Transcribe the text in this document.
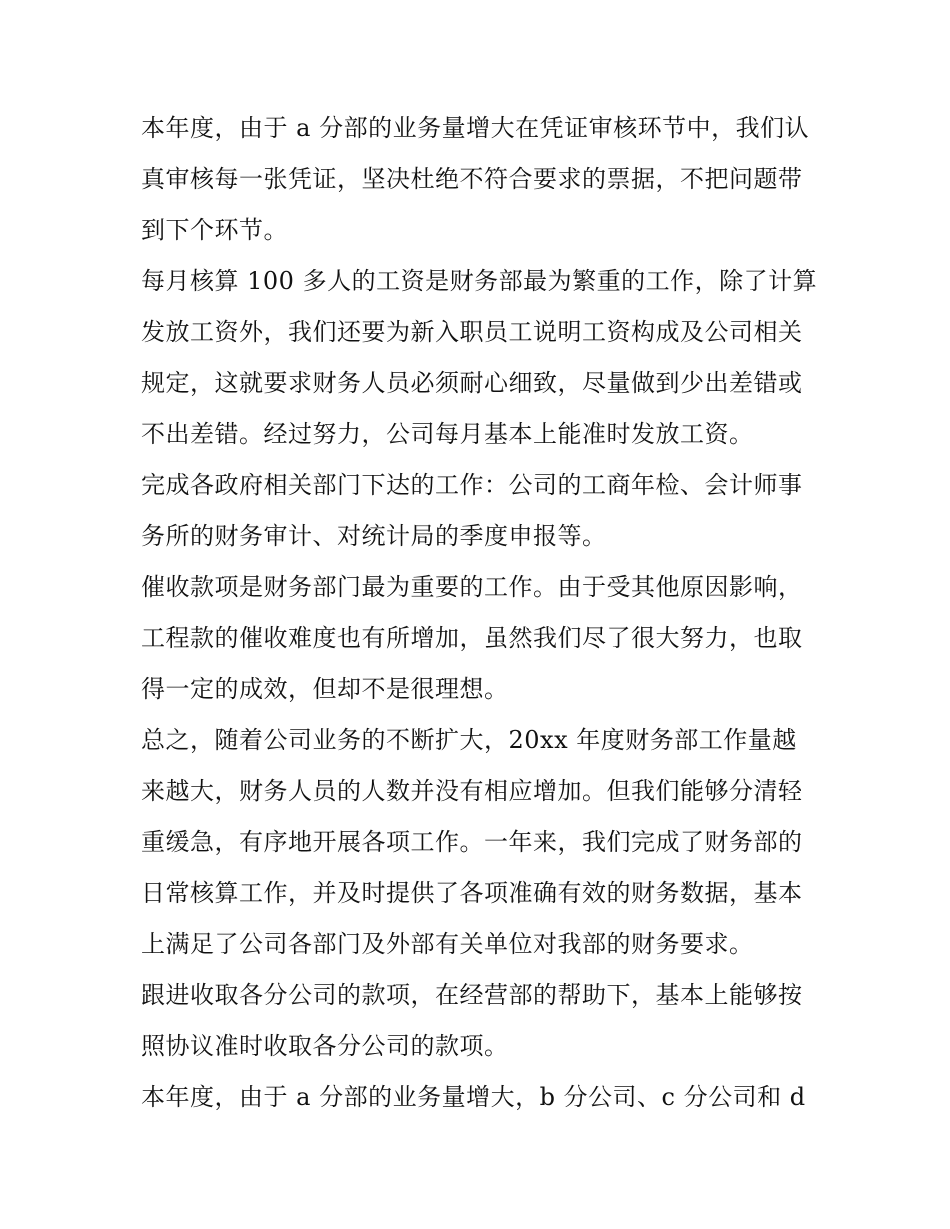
本年度，由于 a 分部的业务量增大在凭证审核环节中，我们认
真审核每一张凭证，坚决杜绝不符合要求的票据，不把问题带
到下个环节。
每月核算 100 多人的工资是财务部最为繁重的工作，除了计算
发放工资外，我们还要为新入职员工说明工资构成及公司相关
规定，这就要求财务人员必须耐心细致，尽量做到少出差错或
不出差错。经过努力，公司每月基本上能准时发放工资。
完成各政府相关部门下达的工作：公司的工商年检、会计师事
务所的财务审计、对统计局的季度申报等。
催收款项是财务部门最为重要的工作。由于受其他原因影响，
工程款的催收难度也有所增加，虽然我们尽了很大努力，也取
得一定的成效，但却不是很理想。
总之，随着公司业务的不断扩大，20xx 年度财务部工作量越
来越大，财务人员的人数并没有相应增加。但我们能够分清轻
重缓急，有序地开展各项工作。一年来，我们完成了财务部的
日常核算工作，并及时提供了各项准确有效的财务数据，基本
上满足了公司各部门及外部有关单位对我部的财务要求。
跟进收取各分公司的款项，在经营部的帮助下，基本上能够按
照协议准时收取各分公司的款项。
本年度，由于 a 分部的业务量增大，b 分公司、c 分公司和 d
